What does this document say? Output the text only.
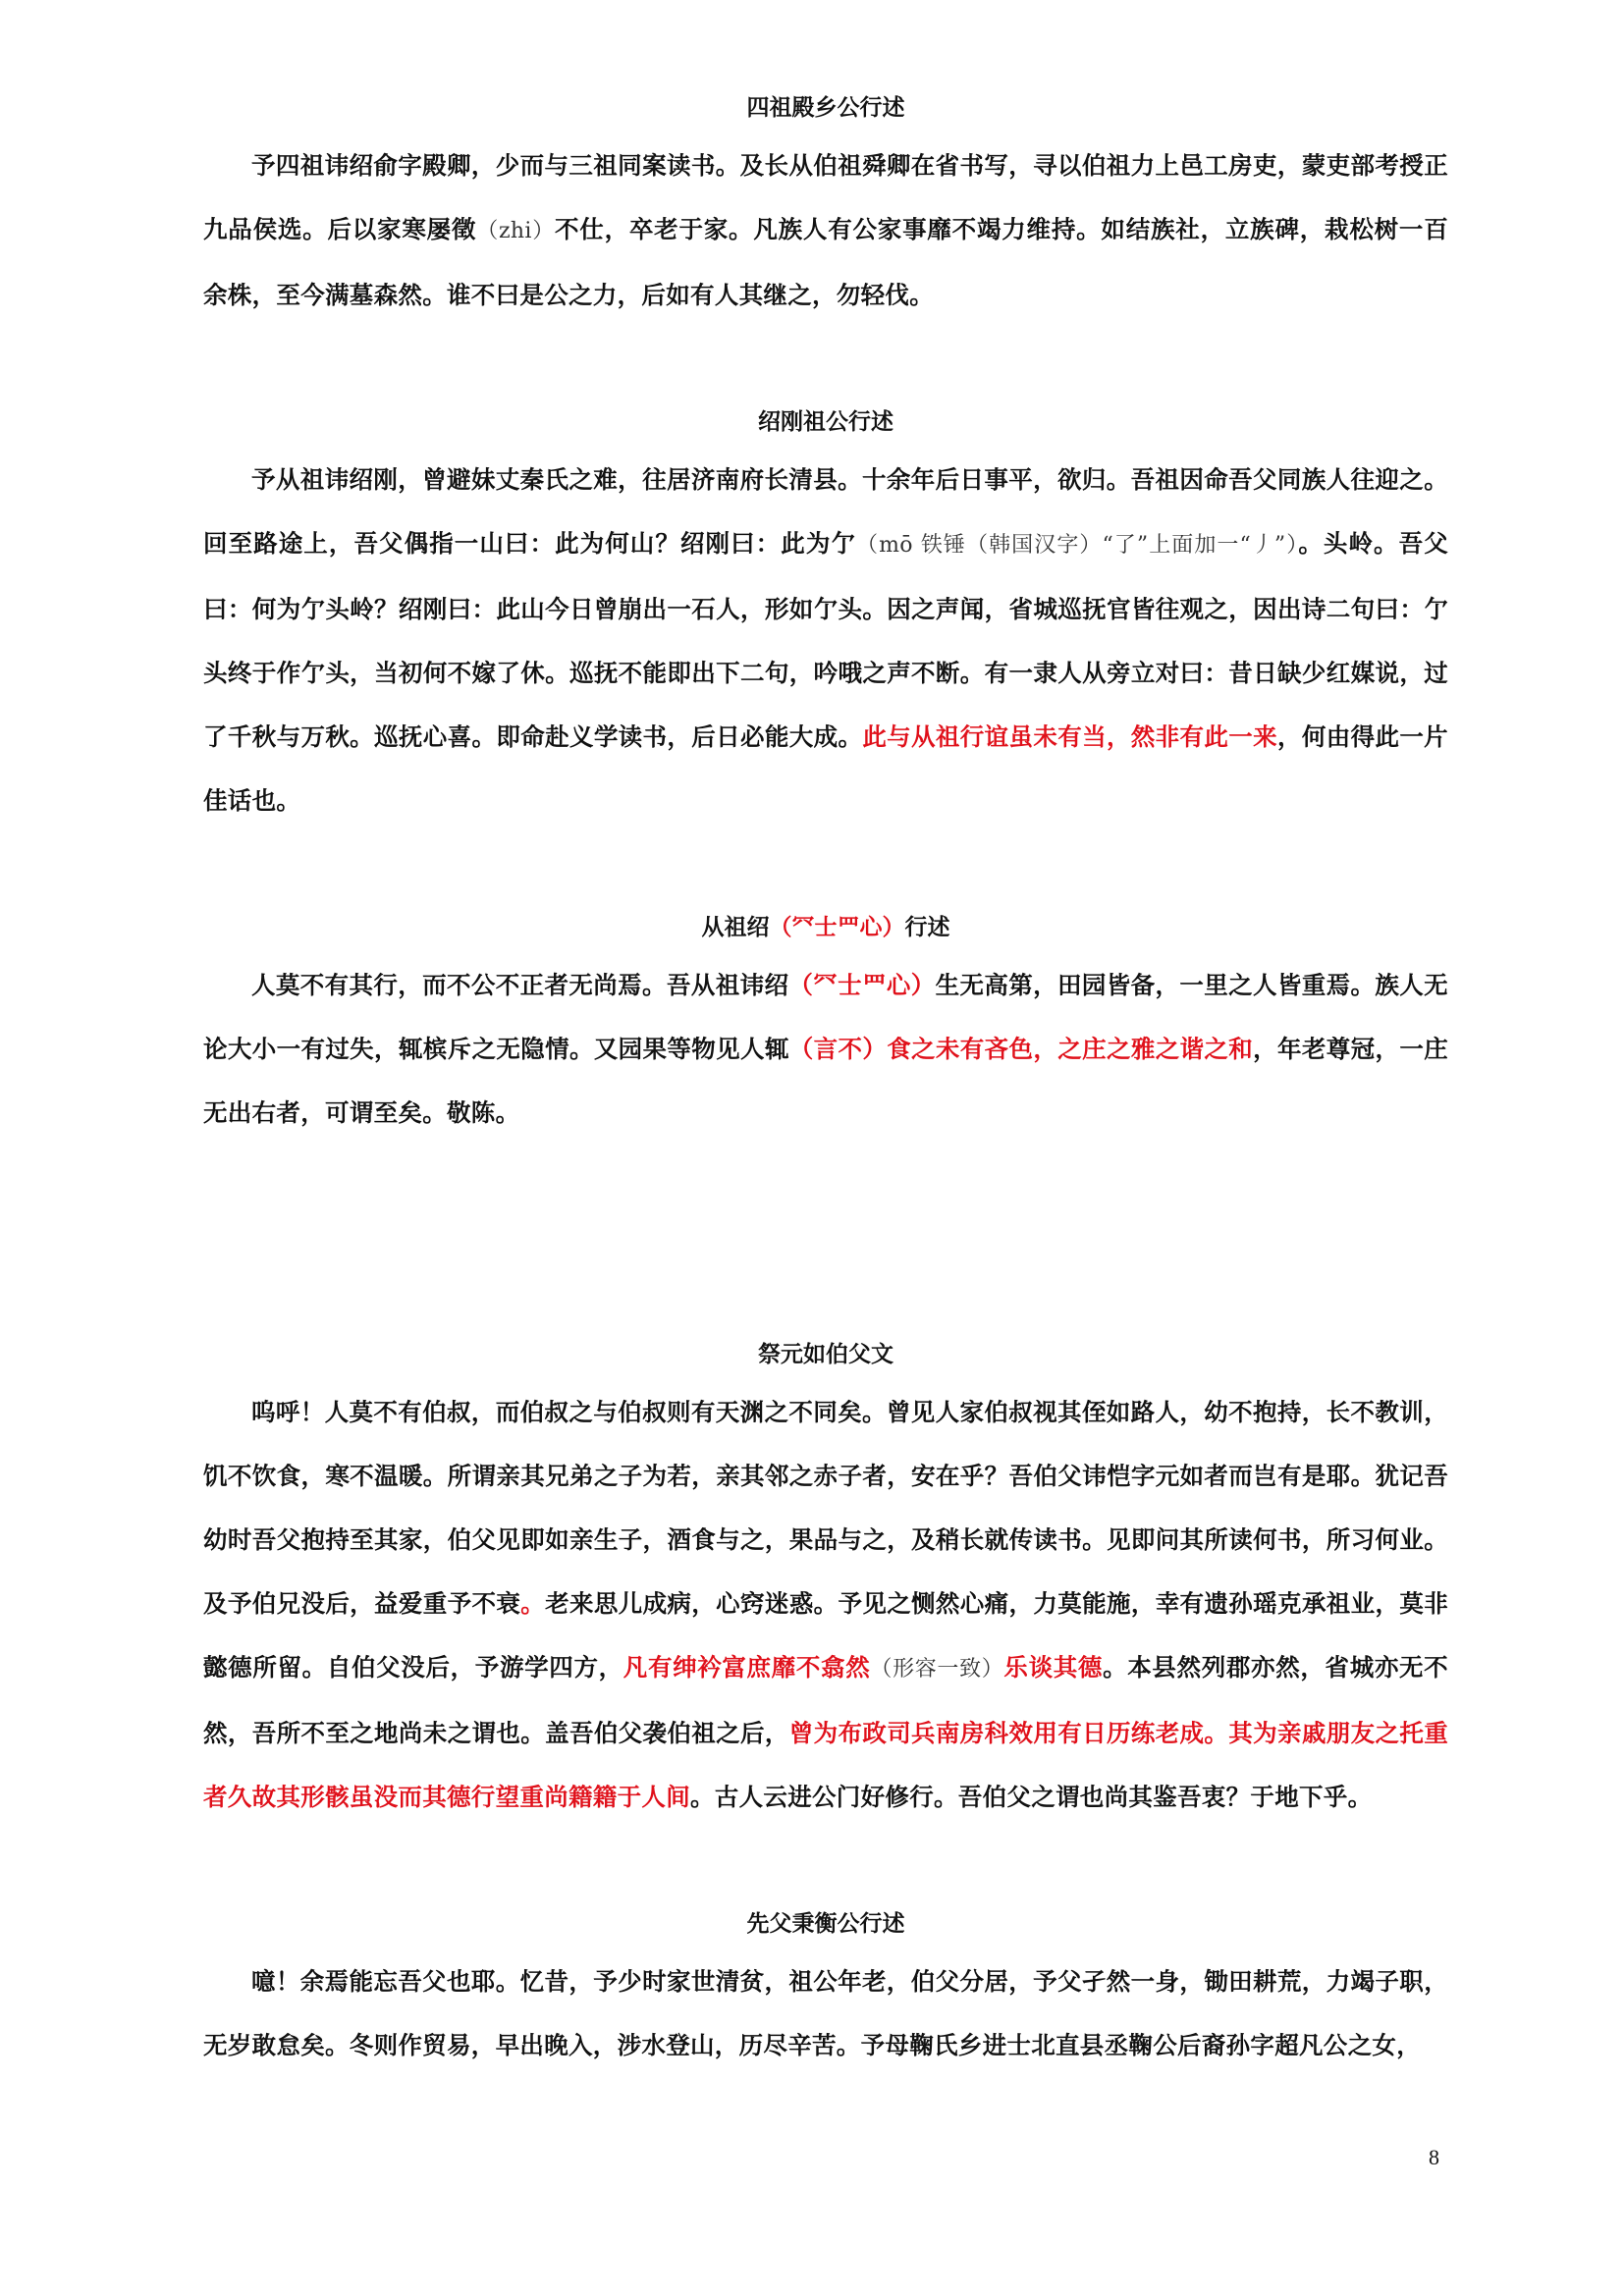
四祖殿乡公行述

予四祖讳绍俞字殿卿，少而与三祖同案读书。及长从伯祖舜卿在省书写，寻以伯祖力上邑工房吏，蒙吏部考授正九品侯选。后以家寒屡徵（zhi）不仕，卒老于家。凡族人有公家事靡不竭力维持。如结族社，立族碑，栽松树一百余株，至今满墓森然。谁不曰是公之力，后如有人其继之，勿轻伐。

绍刚祖公行述

予从祖讳绍刚，曾避妹丈秦氏之难，往居济南府长清县。十余年后日事平，欲归。吾祖因命吾父同族人往迎之。回至路途上，吾父偶指一山曰：此为何山？绍刚曰：此为亇（mō 铁锤（韩国汉字）“了”上面加一“丿”）。头岭。吾父曰：何为亇头岭？绍刚曰：此山今日曾崩出一石人，形如亇头。因之声闻，省城巡抚官皆往观之，因出诗二句曰：亇头终于作亇头，当初何不嫁了休。巡抚不能即出下二句，吟哦之声不断。有一隶人从旁立对曰：昔日缺少红媒说，过了千秋与万秋。巡抚心喜。即命赴义学读书，后日必能大成。此与从祖行谊虽未有当，然非有此一来，何由得此一片佳话也。

从祖绍（⺳士罒心）行述

人莫不有其行，而不公不正者无尚焉。吾从祖讳绍（⺳士罒心）生无高第，田园皆备，一里之人皆重焉。族人无论大小一有过失，辄槟斥之无隐情。又园果等物见人辄（言不）食之未有吝色，之庄之雅之谐之和，年老尊冠，一庄无出右者，可谓至矣。敬陈。

祭元如伯父文

呜呼！人莫不有伯叔，而伯叔之与伯叔则有天渊之不同矣。曾见人家伯叔视其侄如路人，幼不抱持，长不教训，饥不饮食，寒不温暖。所谓亲其兄弟之子为若，亲其邻之赤子者，安在乎？吾伯父讳恺字元如者而岂有是耶。犹记吾幼时吾父抱持至其家，伯父见即如亲生子，酒食与之，果品与之，及稍长就传读书。见即问其所读何书，所习何业。及予伯兄没后，益爱重予不衰。老来思儿成病，心窍迷惑。予见之恻然心痛，力莫能施，幸有遗孙瑶克承祖业，莫非懿德所留。自伯父没后，予游学四方，凡有绅衿富庶靡不翕然（形容一致）乐谈其德。本县然列郡亦然，省城亦无不然，吾所不至之地尚未之谓也。盖吾伯父袭伯祖之后，曾为布政司兵南房科效用有日历练老成。其为亲戚朋友之托重者久故其形骸虽没而其德行望重尚籍籍于人间。古人云进公门好修行。吾伯父之谓也尚其鉴吾衷？于地下乎。

先父秉衡公行述

噫！余焉能忘吾父也耶。忆昔，予少时家世清贫，祖公年老，伯父分居，予父孑然一身，锄田耕荒，力竭子职，无岁敢怠矣。冬则作贸易，早出晚入，涉水登山，历尽辛苦。予母鞠氏乡进士北直县丞鞠公后裔孙字超凡公之女，

8
